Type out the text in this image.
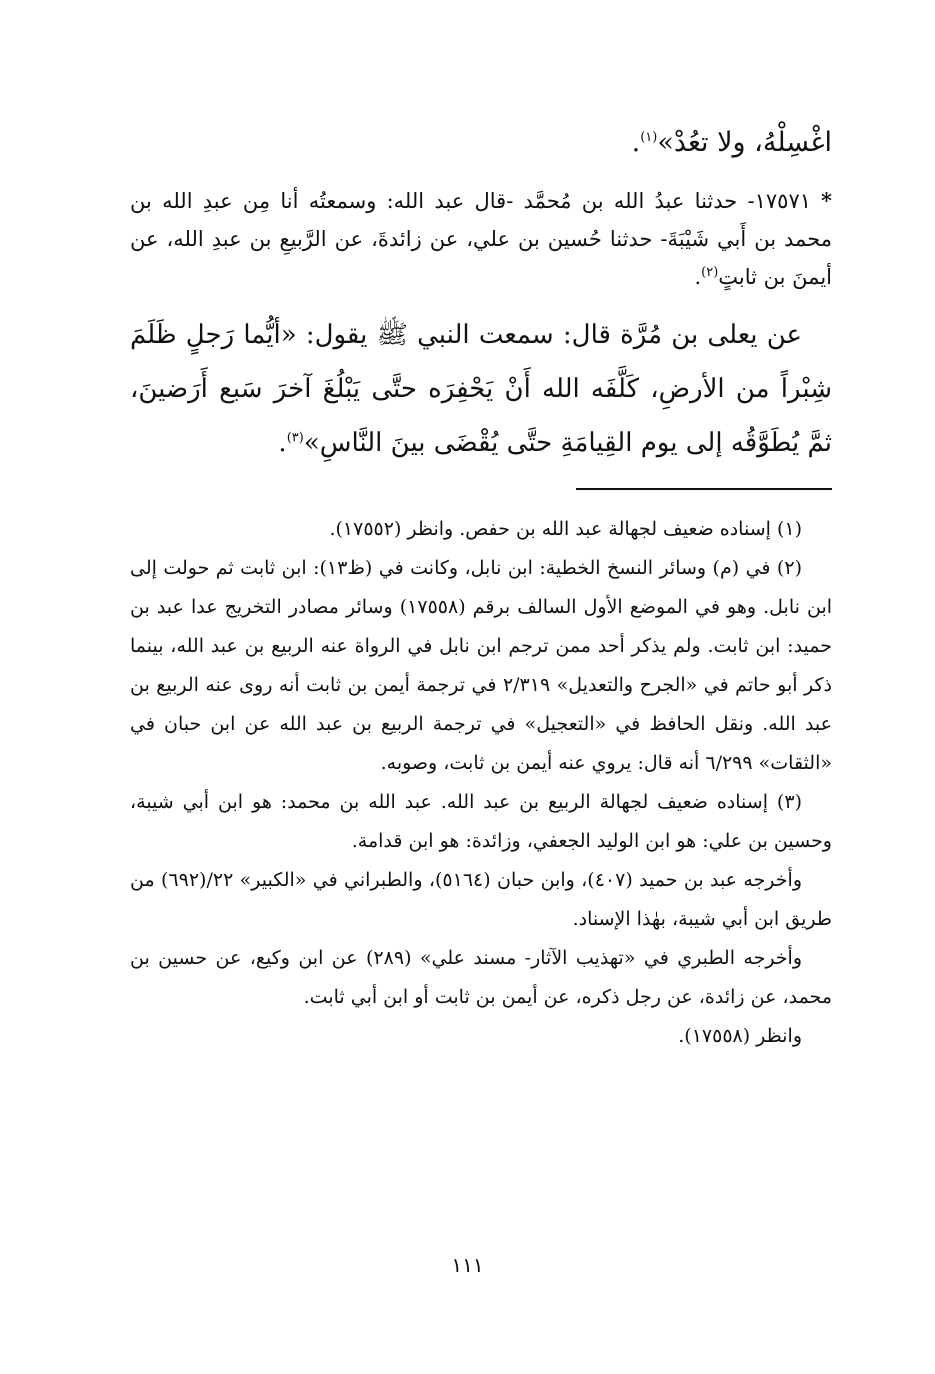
اغْسِلْهُ، ولا تعُدْ»$^{(١)}$.

*١٧٥٧١- حدثنا عبدُ الله بن مُحمَّد -قال عبد الله: وسمعتُه أنا مِن عبدِ الله بن محمد بن أَبي شَيْبَةَ- حدثنا حُسين بن علي، عن زائدةَ، عن الرَّبيعِ بن عبدِ الله، عن أيمنَ بن ثابتٍ$^{(٢)}$.

عن يعلى بن مُرَّة قال: سمعت النبي ﷺ يقول: «أيُّما رَجلٍ ظَلَمَ شِبْراً من الأرضِ، كَلَّفَه الله أَنْ يَحْفِرَه حتَّى يَبْلُغَ آخرَ سَبع أَرَضينَ، ثمَّ يُطَوَّقُه إلى يوم القِيامَةِ حتَّى يُقْضَى بينَ النَّاسِ»$^{(٣)}$.

(١) إسناده ضعيف لجهالة عبد الله بن حفص. وانظر (١٧٥٥٢).

(٢) في (م) وسائر النسخ الخطية: ابن نابل، وكانت في (ظ١٣): ابن ثابت ثم حولت إلى ابن نابل. وهو في الموضع الأول السالف برقم (١٧٥٥٨) وسائر مصادر التخريج عدا عبد بن حميد: ابن ثابت. ولم يذكر أحد ممن ترجم ابن نابل في الرواة عنه الربيع بن عبد الله، بينما ذكر أبو حاتم في «الجرح والتعديل» ٢/٣١٩ في ترجمة أيمن بن ثابت أنه روى عنه الربيع بن عبد الله. ونقل الحافظ في «التعجيل» في ترجمة الربيع بن عبد الله عن ابن حبان في «الثقات» ٦/٢٩٩ أنه قال: يروي عنه أيمن بن ثابت، وصوبه.

(٣) إسناده ضعيف لجهالة الربيع بن عبد الله. عبد الله بن محمد: هو ابن أبي شيبة، وحسين بن علي: هو ابن الوليد الجعفي، وزائدة: هو ابن قدامة.

وأخرجه عبد بن حميد (٤٠٧)، وابن حبان (٥١٦٤)، والطبراني في «الكبير» ٢٢/(٦٩٢) من طريق ابن أبي شيبة، بهٰذا الإسناد.

وأخرجه الطبري في «تهذيب الآثار- مسند علي» (٢٨٩) عن ابن وكيع، عن حسين بن محمد، عن زائدة، عن رجل ذكره، عن أيمن بن ثابت أو ابن أبي ثابت.

وانظر (١٧٥٥٨).

١١١
